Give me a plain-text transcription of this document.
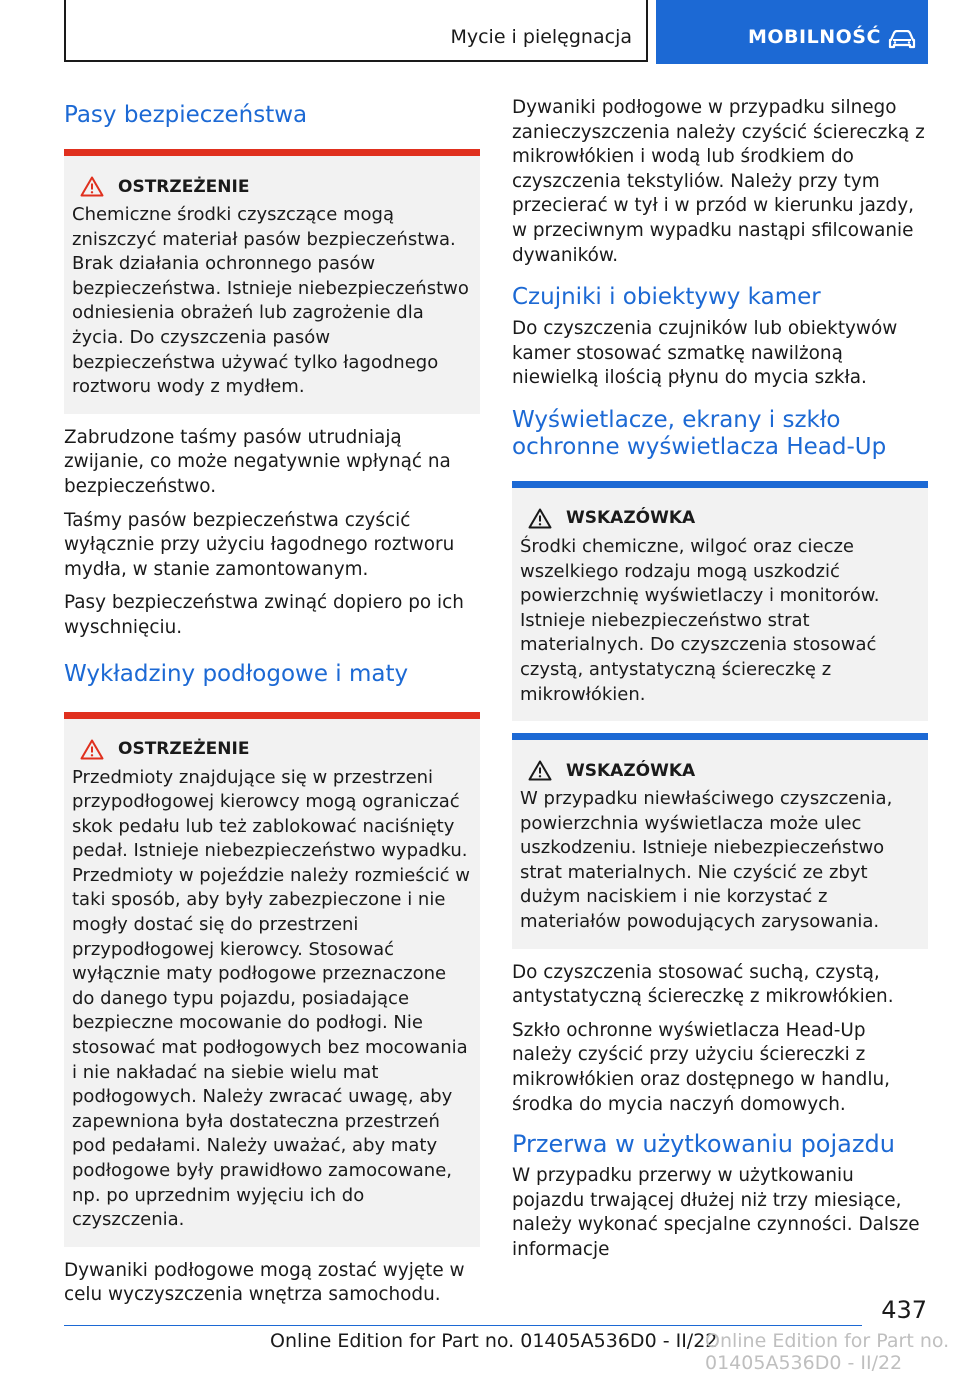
Mycie i pielęgnacja	MOBILNOŚĆ
Pasy bezpieczeństwa
OSTRZEŻENIE

Chemiczne środki czyszczące mogą zniszczyć materiał pasów bezpieczeństwa. Brak działania ochronnego pasów bezpieczeństwa. Istnieje niebezpieczeństwo odniesienia obrażeń lub zagrożenie dla życia. Do czyszczenia pasów bezpieczeństwa używać tylko łagodnego roztworu wody z mydłem.

Zabrudzone taśmy pasów utrudniają zwijanie, co może negatywnie wpłynąć na bezpieczeństwo.

Taśmy pasów bezpieczeństwa czyścić wyłącznie przy użyciu łagodnego roztworu mydła, w stanie zamontowanym.

Pasy bezpieczeństwa zwinąć dopiero po ich wyschnięciu.

Wykładziny podłogowe i maty
OSTRZEŻENIE

Przedmioty znajdujące się w przestrzeni przypodłogowej kierowcy mogą ograniczać skok pedału lub też zablokować naciśnięty pedał. Istnieje niebezpieczeństwo wypadku. Przedmioty w pojeździe należy rozmieścić w taki sposób, aby były zabezpieczone i nie mogły dostać się do przestrzeni przypodłogowej kierowcy. Stosować wyłącznie maty podłogowe przeznaczone do danego typu pojazdu, posiadające bezpieczne mocowanie do podłogi. Nie stosować mat podłogowych bez mocowania i nie nakładać na siebie wielu mat podłogowych. Należy zwracać uwagę, aby zapewniona była dostateczna przestrzeń pod pedałami. Należy uważać, aby maty podłogowe były prawidłowo zamocowane, np. po uprzednim wyjęciu ich do czyszczenia.

Dywaniki podłogowe mogą zostać wyjęte w celu wyczyszczenia wnętrza samochodu.

Dywaniki podłogowe w przypadku silnego zanieczyszczenia należy czyścić ściereczką z mikrowłókien i wodą lub środkiem do czyszczenia tekstyliów. Należy przy tym przecierać w tył i w przód w kierunku jazdy, w przeciwnym wypadku nastąpi sfilcowanie dywaników.

Czujniki i obiektywy kamer

Do czyszczenia czujników lub obiektywów kamer stosować szmatkę nawilżoną niewielką ilością płynu do mycia szkła.

Wyświetlacze, ekrany i szkło ochronne wyświetlacza Head-Up
WSKAZÓWKA

Środki chemiczne, wilgoć oraz ciecze wszelkiego rodzaju mogą uszkodzić powierzchnię wyświetlaczy i monitorów. Istnieje niebezpieczeństwo strat materialnych. Do czyszczenia stosować czystą, antystatyczną ściereczkę z mikrowłókien.

WSKAZÓWKA

W przypadku niewłaściwego czyszczenia, powierzchnia wyświetlacza może ulec uszkodzeniu. Istnieje niebezpieczeństwo strat materialnych. Nie czyścić ze zbyt dużym naciskiem i nie korzystać z materiałów powodujących zarysowania.

Do czyszczenia stosować suchą, czystą, antystatyczną ściereczkę z mikrowłókien.

Szkło ochronne wyświetlacza Head-Up należy czyścić przy użyciu ściereczki z mikrowłókien oraz dostępnego w handlu, środka do mycia naczyń domowych.

Przerwa w użytkowaniu pojazdu

W przypadku przerwy w użytkowaniu pojazdu trwającej dłużej niż trzy miesiące, należy wykonać specjalne czynności. Dalsze informacje

437
Online Edition for Part no. 01405A536D0 - II/22
Online Edition for Part no. 01405A536D0 - II/22
